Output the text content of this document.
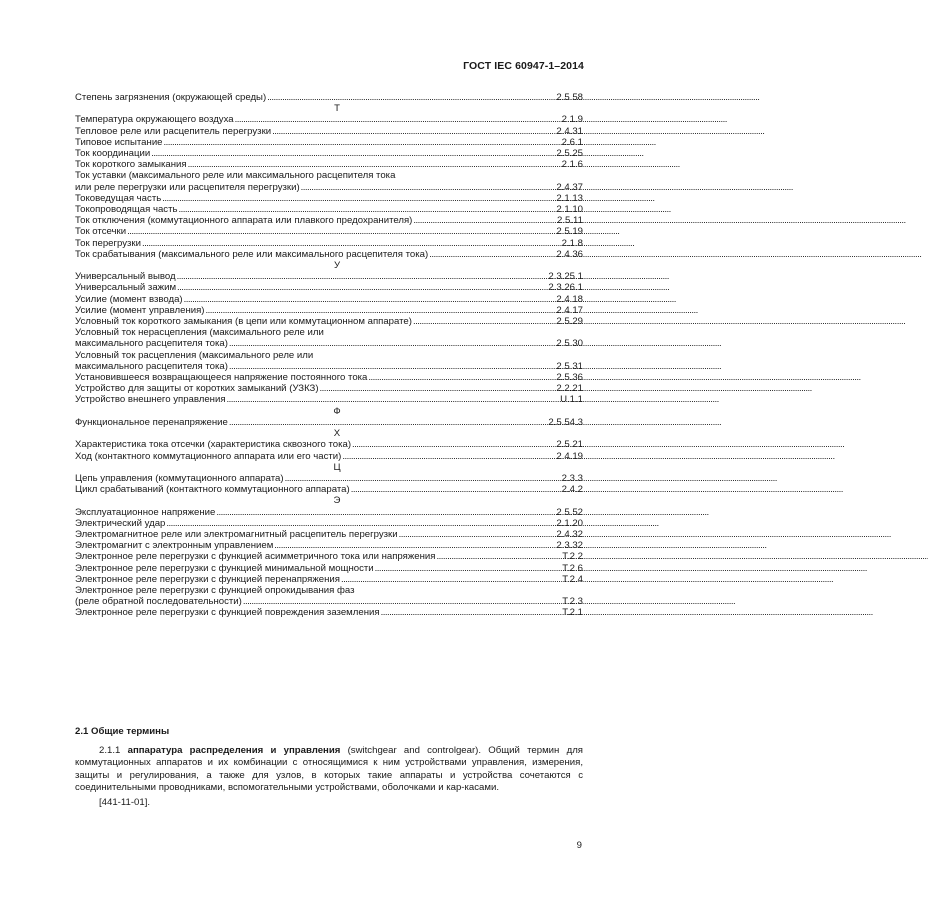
ГОСТ IEC 60947-1–2014
Степень загрязнения (окружающей среды) . . .	2.5.58
Т
Температура окружающего воздуха . . .	2.1.9
Тепловое реле или расцепитель перегрузки . . .	2.4.31
Типовое испытание . . .	2.6.1
Ток координации . . .	2.5.25
Ток короткого замыкания . . .	2.1.6
Ток уставки (максимального реле или максимального расцепителя тока
или реле перегрузки или расцепителя перегрузки) . . .	2.4.37
Токоведущая часть . . .	2.1.13
Токопроводящая часть . . .	2.1.10
Ток отключения (коммутационного аппарата или плавкого предохранителя) . . .	2.5.11
Ток отсечки . . .	2.5.19
Ток перегрузки . . .	2.1.8
Ток срабатывания (максимального реле или максимального расцепителя тока) . . .	2.4.36
У
Универсальный вывод . . .	2.3.25.1
Универсальный зажим . . .	2.3.26.1
Усилие (момент взвода) . . .	2.4.18
Усилие (момент управления) . . .	2.4.17
Условный ток короткого замыкания (в цепи или коммутационном аппарате) . . .	2.5.29
Условный ток нерасцепления (максимального реле или
максимального расцепителя тока) . . .	2.5.30
Условный ток расцепления (максимального реле или
максимального расцепителя тока) . . .	2.5.31
Установившееся возвращающееся напряжение постоянного тока . . .	2.5.36
Устройство для защиты от коротких замыканий (УЗКЗ) . . .	2.2.21
Устройство внешнего управления . . .	U.1.1
Ф
Функциональное перенапряжение . . .	2.5.54.3
Х
Характеристика тока отсечки (характеристика сквозного тока) . . .	2.5.21
Ход (контактного коммутационного аппарата или его части) . . .	2.4.19
Ц
Цепь управления (коммутационного аппарата) . . .	2.3.3
Цикл срабатываний (контактного коммутационного аппарата) . . .	2.4.2
Э
Эксплуатационное напряжение . . .	2.5.52
Электрический удар . . .	2.1.20
Электромагнитное реле или электромагнитный расцепитель перегрузки . . .	2.4.32
Электромагнит с электронным управлением . . .	2.3.32
Электронное реле перегрузки с функцией асимметричного тока или напряжения . . .	Т.2.2
Электронное реле перегрузки с функцией минимальной мощности . . .	Т.2.6
Электронное реле перегрузки с функцией перенапряжения . . .	Т.2.4
Электронное реле перегрузки с функцией опрокидывания фаз
(реле обратной последовательности) . . .	Т.2.3
Электронное реле перегрузки с функцией повреждения заземления . . .	Т.2.1
2.1 Общие термины
2.1.1 аппаратура распределения и управления (switchgear and controlgear). Общий термин для коммутационных аппаратов и их комбинации с относящимися к ним устройствами управления, измерения, защиты и регулирования, а также для узлов, в которых такие аппараты и устройства сочетаются с соединительными проводниками, вспомогательными устройствами, оболочками и кар-касами.
[441-11-01].
9
